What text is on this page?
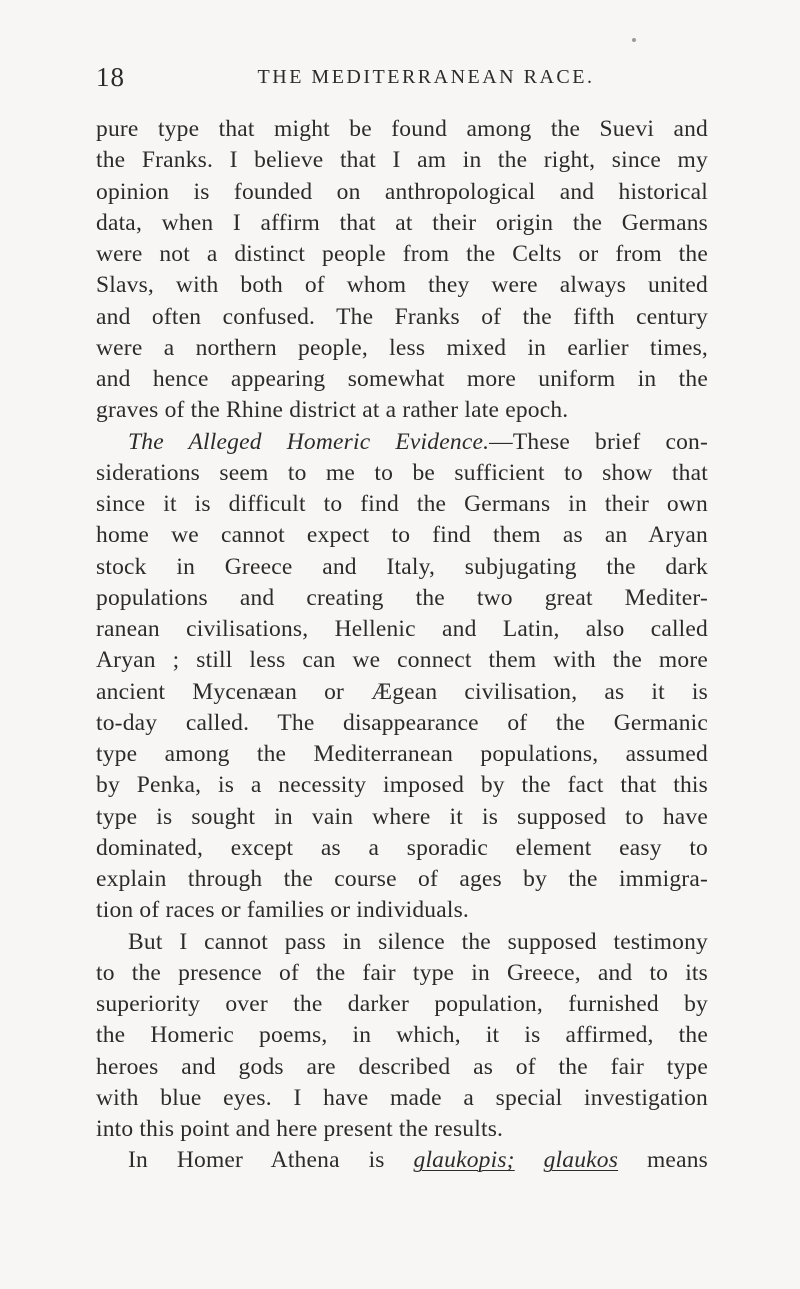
18	THE MEDITERRANEAN RACE.
pure type that might be found among the Suevi and
the Franks. I believe that I am in the right, since my
opinion is founded on anthropological and historical
data, when I affirm that at their origin the Germans
were not a distinct people from the Celts or from the
Slavs, with both of whom they were always united
and often confused. The Franks of the fifth century
were a northern people, less mixed in earlier times,
and hence appearing somewhat more uniform in the
graves of the Rhine district at a rather late epoch.
The Alleged Homeric Evidence.—These brief con-
siderations seem to me to be sufficient to show that
since it is difficult to find the Germans in their own
home we cannot expect to find them as an Aryan
stock in Greece and Italy, subjugating the dark
populations and creating the two great Mediter-
ranean civilisations, Hellenic and Latin, also called
Aryan ; still less can we connect them with the more
ancient Mycenæan or Ægean civilisation, as it is
to-day called. The disappearance of the Germanic
type among the Mediterranean populations, assumed
by Penka, is a necessity imposed by the fact that this
type is sought in vain where it is supposed to have
dominated, except as a sporadic element easy to
explain through the course of ages by the immigra-
tion of races or families or individuals.
But I cannot pass in silence the supposed testimony
to the presence of the fair type in Greece, and to its
superiority over the darker population, furnished by
the Homeric poems, in which, it is affirmed, the
heroes and gods are described as of the fair type
with blue eyes. I have made a special investigation
into this point and here present the results.
In Homer Athena is glaukopis; glaukos means
